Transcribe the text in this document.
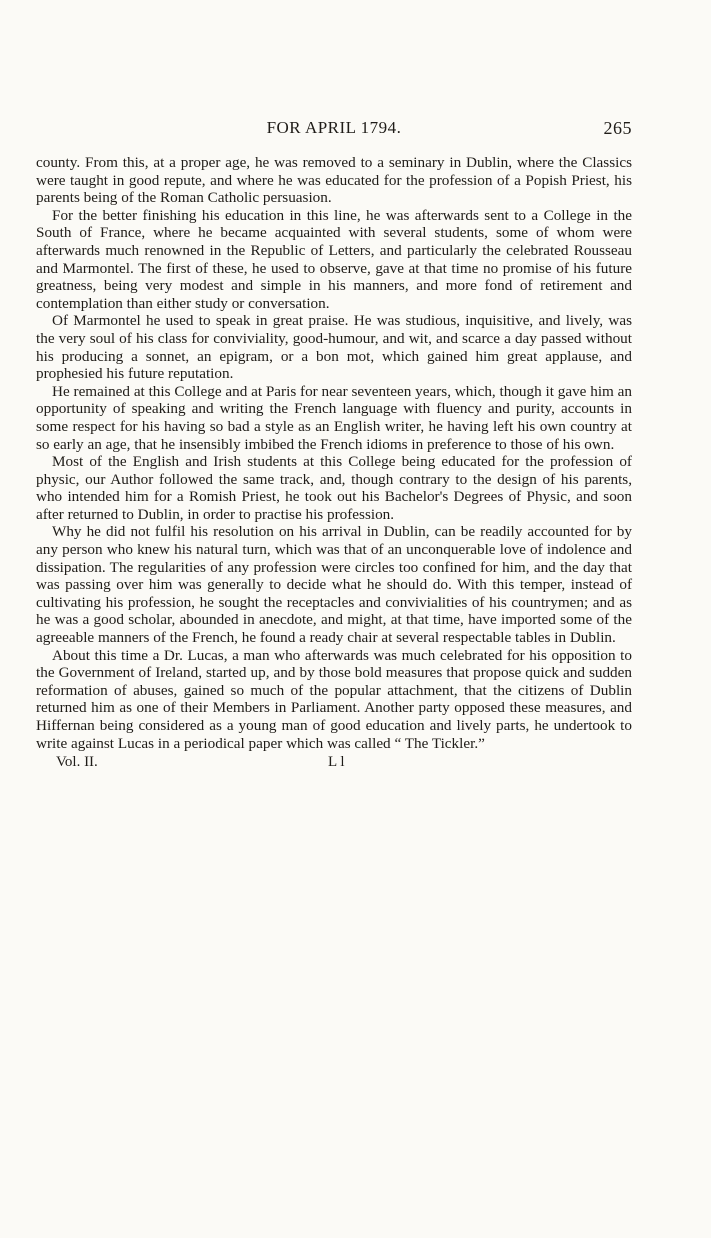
FOR APRIL 1794.	265

county. From this, at a proper age, he was removed to a seminary in Dublin, where the Classics were taught in good repute, and where he was educated for the profession of a Popish Priest, his parents being of the Roman Catholic persuasion.

For the better finishing his education in this line, he was afterwards sent to a College in the South of France, where he became acquainted with several students, some of whom were afterwards much renowned in the Republic of Letters, and particularly the celebrated Rousseau and Marmontel. The first of these, he used to observe, gave at that time no promise of his future greatness, being very modest and simple in his manners, and more fond of retirement and contemplation than either study or conversation.

Of Marmontel he used to speak in great praise. He was studious, inquisitive, and lively, was the very soul of his class for conviviality, good-humour, and wit, and scarce a day passed without his producing a sonnet, an epigram, or a bon mot, which gained him great applause, and prophesied his future reputation.

He remained at this College and at Paris for near seventeen years, which, though it gave him an opportunity of speaking and writing the French language with fluency and purity, accounts in some respect for his having so bad a style as an English writer, he having left his own country at so early an age, that he insensibly imbibed the French idioms in preference to those of his own.

Most of the English and Irish students at this College being educated for the profession of physic, our Author followed the same track, and, though contrary to the design of his parents, who intended him for a Romish Priest, he took out his Bachelor's Degrees of Physic, and soon after returned to Dublin, in order to practise his profession.

Why he did not fulfil his resolution on his arrival in Dublin, can be readily accounted for by any person who knew his natural turn, which was that of an unconquerable love of indolence and dissipation. The regularities of any profession were circles too confined for him, and the day that was passing over him was generally to decide what he should do. With this temper, instead of cultivating his profession, he sought the receptacles and convivialities of his countrymen; and as he was a good scholar, abounded in anecdote, and might, at that time, have imported some of the agreeable manners of the French, he found a ready chair at several respectable tables in Dublin.

About this time a Dr. Lucas, a man who afterwards was much celebrated for his opposition to the Government of Ireland, started up, and by those bold measures that propose quick and sudden reformation of abuses, gained so much of the popular attachment, that the citizens of Dublin returned him as one of their Members in Parliament. Another party opposed these measures, and Hiffernan being considered as a young man of good education and lively parts, he undertook to write against Lucas in a periodical paper which was called “ The Tickler.”

Vol. II.	L l
